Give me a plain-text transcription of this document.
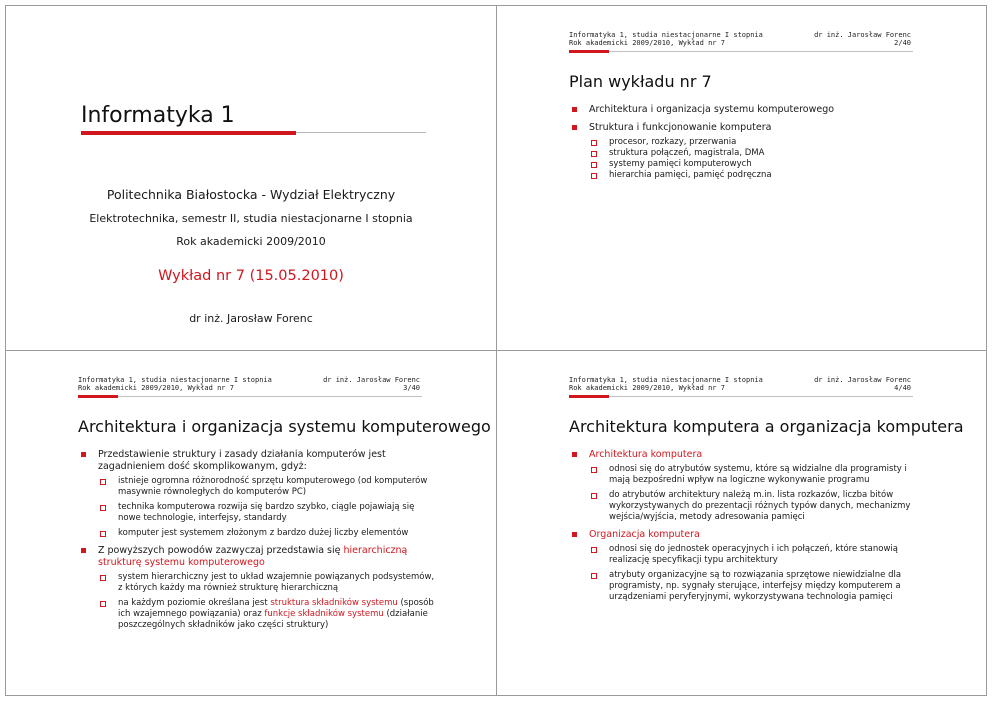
Informatyka 1
Politechnika Białostocka - Wydział Elektryczny
Elektrotechnika, semestr II, studia niestacjonarne I stopnia
Rok akademicki 2009/2010
Wykład nr 7 (15.05.2010)
dr inż. Jarosław Forenc
Informatyka 1, studia niestacjonarne I stopnia
Rok akademicki 2009/2010, Wykład nr 7
dr inż. Jarosław Forenc
2/40
Plan wykładu nr 7
Architektura i organizacja systemu komputerowego
Struktura i funkcjonowanie komputera
procesor, rozkazy, przerwania
struktura połączeń, magistrala, DMA
systemy pamięci komputerowych
hierarchia pamięci, pamięć podręczna
Informatyka 1, studia niestacjonarne I stopnia
Rok akademicki 2009/2010, Wykład nr 7
dr inż. Jarosław Forenc
3/40
Architektura i organizacja systemu komputerowego
Przedstawienie struktury i zasady działania komputerów jest zagadnieniem dość skomplikowanym, gdyż:
istnieje ogromna różnorodność sprzętu komputerowego (od komputerów masywnie równoległych do komputerów PC)
technika komputerowa rozwija się bardzo szybko, ciągle pojawiają się nowe technologie, interfejsy, standardy
komputer jest systemem złożonym z bardzo dużej liczby elementów
Z powyższych powodów zazwyczaj przedstawia się hierarchiczną strukturę systemu komputerowego
system hierarchiczny jest to układ wzajemnie powiązanych podsystemów, z których każdy ma również strukturę hierarchiczną
na każdym poziomie określana jest struktura składników systemu (sposób ich wzajemnego powiązania) oraz funkcje składników systemu (działanie poszczególnych składników jako części struktury)
Informatyka 1, studia niestacjonarne I stopnia
Rok akademicki 2009/2010, Wykład nr 7
dr inż. Jarosław Forenc
4/40
Architektura komputera a organizacja komputera
Architektura komputera
odnosi się do atrybutów systemu, które są widzialne dla programisty i mają bezpośredni wpływ na logiczne wykonywanie programu
do atrybutów architektury należą m.in. lista rozkazów, liczba bitów wykorzystywanych do prezentacji różnych typów danych, mechanizmy wejścia/wyjścia, metody adresowania pamięci
Organizacja komputera
odnosi się do jednostek operacyjnych i ich połączeń, które stanowią realizację specyfikacji typu architektury
atrybuty organizacyjne są to rozwiązania sprzętowe niewidzialne dla programisty, np. sygnały sterujące, interfejsy między komputerem a urządzeniami peryferyjnymi, wykorzystywana technologia pamięci
